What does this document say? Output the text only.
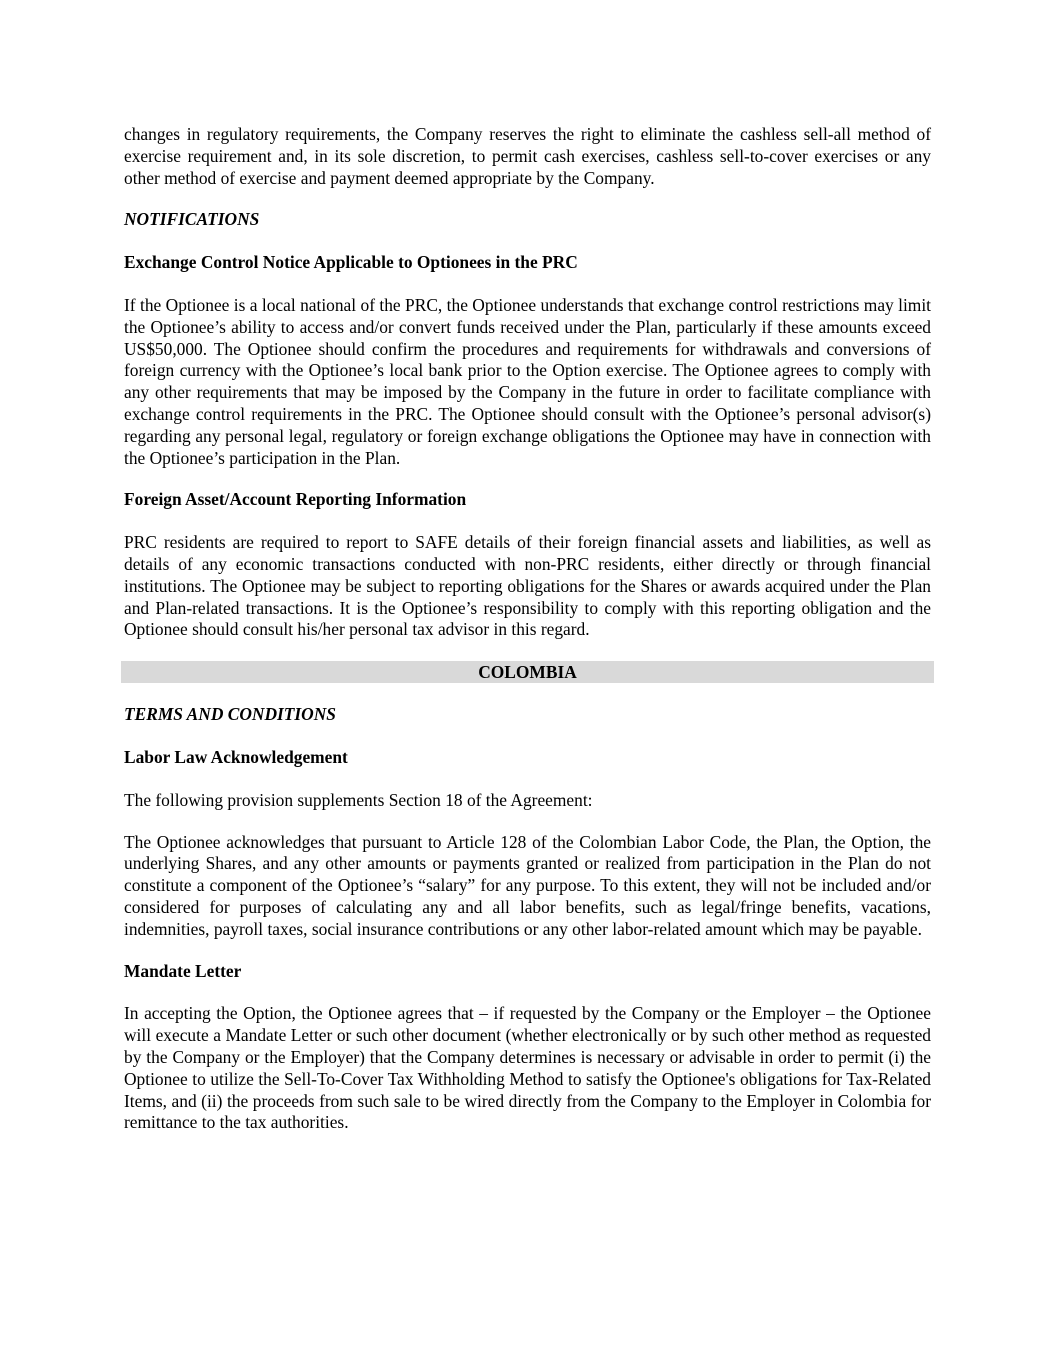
changes in regulatory requirements, the Company reserves the right to eliminate the cashless sell-all method of exercise requirement and, in its sole discretion, to permit cash exercises, cashless sell-to-cover exercises or any other method of exercise and payment deemed appropriate by the Company.

NOTIFICATIONS

Exchange Control Notice Applicable to Optionees in the PRC

If the Optionee is a local national of the PRC, the Optionee understands that exchange control restrictions may limit the Optionee’s ability to access and/or convert funds received under the Plan, particularly if these amounts exceed US$50,000. The Optionee should confirm the procedures and requirements for withdrawals and conversions of foreign currency with the Optionee’s local bank prior to the Option exercise. The Optionee agrees to comply with any other requirements that may be imposed by the Company in the future in order to facilitate compliance with exchange control requirements in the PRC. The Optionee should consult with the Optionee’s personal advisor(s) regarding any personal legal, regulatory or foreign exchange obligations the Optionee may have in connection with the Optionee’s participation in the Plan.

Foreign Asset/Account Reporting Information

PRC residents are required to report to SAFE details of their foreign financial assets and liabilities, as well as details of any economic transactions conducted with non-PRC residents, either directly or through financial institutions. The Optionee may be subject to reporting obligations for the Shares or awards acquired under the Plan and Plan-related transactions. It is the Optionee’s responsibility to comply with this reporting obligation and the Optionee should consult his/her personal tax advisor in this regard.

COLOMBIA

TERMS AND CONDITIONS

Labor Law Acknowledgement

The following provision supplements Section 18 of the Agreement:

The Optionee acknowledges that pursuant to Article 128 of the Colombian Labor Code, the Plan, the Option, the underlying Shares, and any other amounts or payments granted or realized from participation in the Plan do not constitute a component of the Optionee’s “salary” for any purpose. To this extent, they will not be included and/or considered for purposes of calculating any and all labor benefits, such as legal/fringe benefits, vacations, indemnities, payroll taxes, social insurance contributions or any other labor-related amount which may be payable.

Mandate Letter

In accepting the Option, the Optionee agrees that – if requested by the Company or the Employer – the Optionee will execute a Mandate Letter or such other document (whether electronically or by such other method as requested by the Company or the Employer) that the Company determines is necessary or advisable in order to permit (i) the Optionee to utilize the Sell-To-Cover Tax Withholding Method to satisfy the Optionee's obligations for Tax-Related Items, and (ii) the proceeds from such sale to be wired directly from the Company to the Employer in Colombia for remittance to the tax authorities.
